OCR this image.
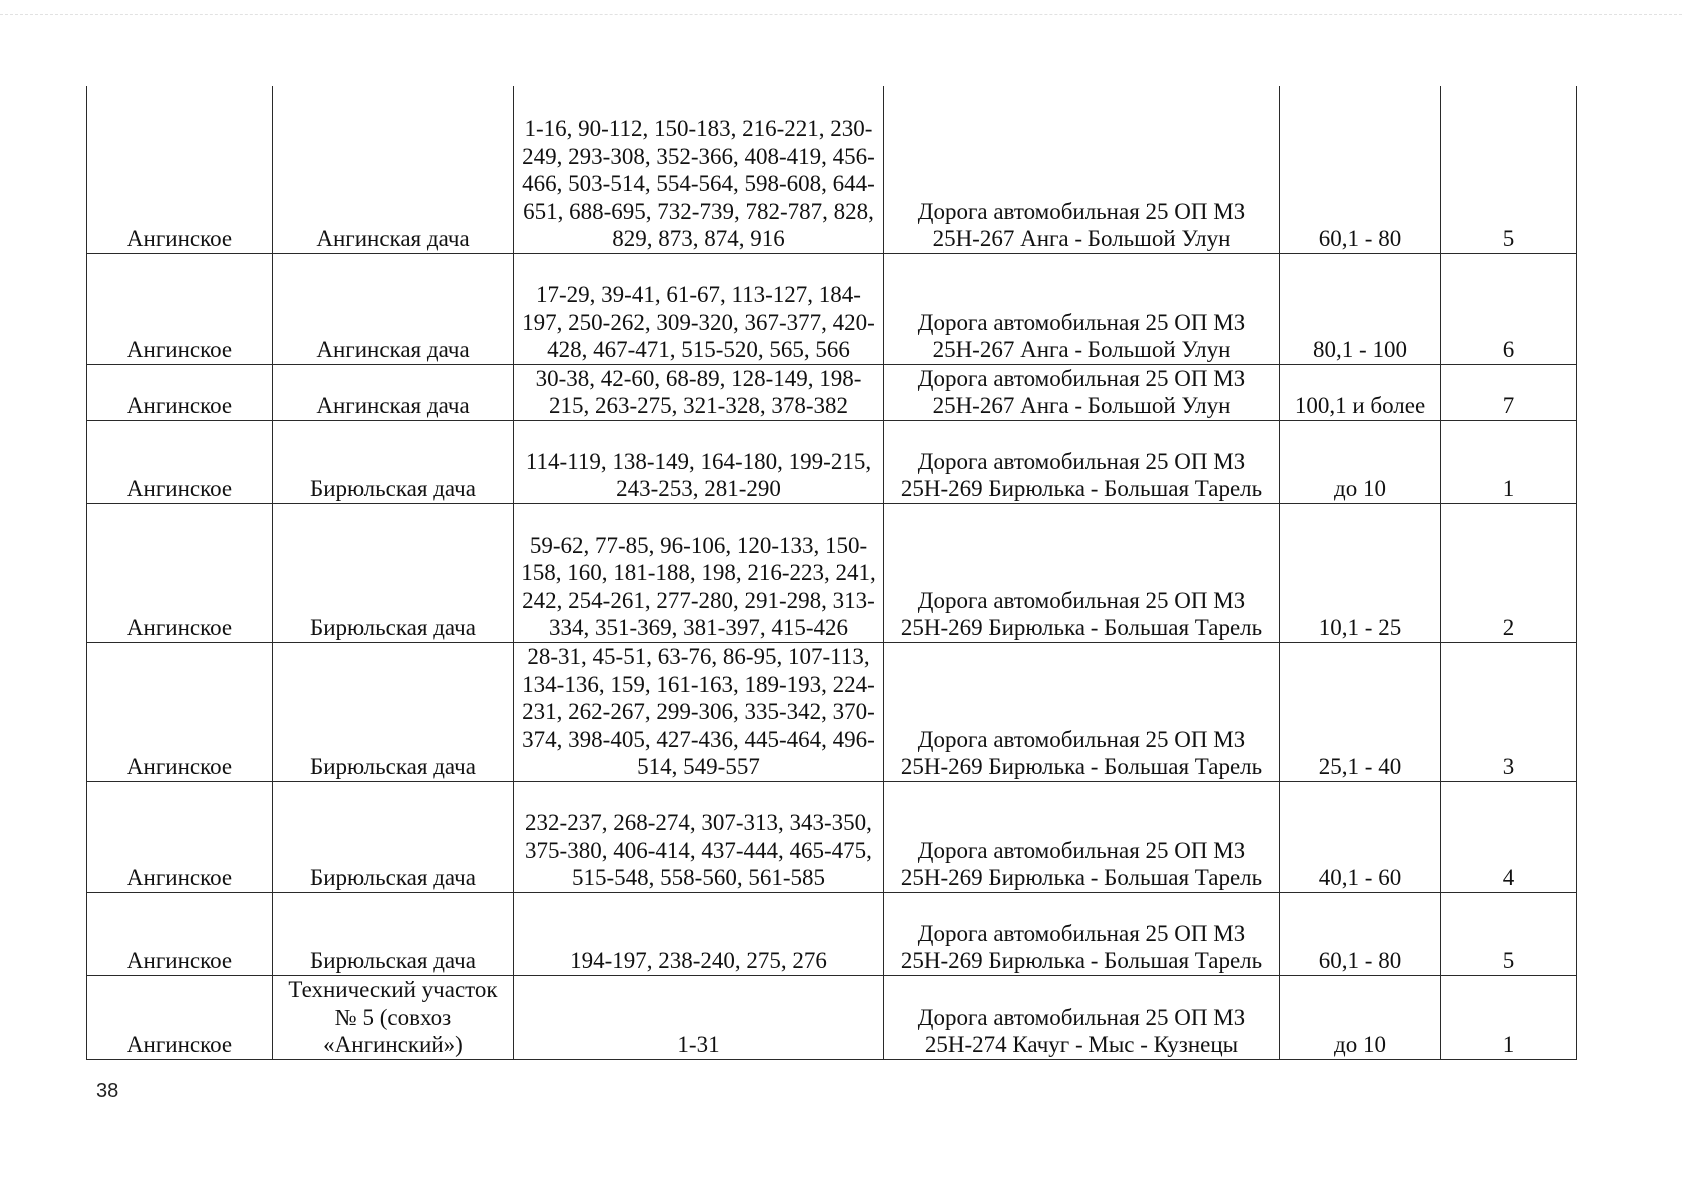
Ангинское	Ангинская дача	1-16, 90-112, 150-183, 216-221, 230-249, 293-308, 352-366, 408-419, 456-466, 503-514, 554-564, 598-608, 644-651, 688-695, 732-739, 782-787, 828, 829, 873, 874, 916	Дорога автомобильная 25 ОП МЗ 25Н-267 Анга - Большой Улун	60,1 - 80	5
Ангинское	Ангинская дача	17-29, 39-41, 61-67, 113-127, 184-197, 250-262, 309-320, 367-377, 420-428, 467-471, 515-520, 565, 566	Дорога автомобильная 25 ОП МЗ 25Н-267 Анга - Большой Улун	80,1 - 100	6
Ангинское	Ангинская дача	30-38, 42-60, 68-89, 128-149, 198-215, 263-275, 321-328, 378-382	Дорога автомобильная 25 ОП МЗ 25Н-267 Анга - Большой Улун	100,1 и более	7
Ангинское	Бирюльская дача	114-119, 138-149, 164-180, 199-215, 243-253, 281-290	Дорога автомобильная 25 ОП МЗ 25Н-269 Бирюлька - Большая Тарель	до 10	1
Ангинское	Бирюльская дача	59-62, 77-85, 96-106, 120-133, 150-158, 160, 181-188, 198, 216-223, 241, 242, 254-261, 277-280, 291-298, 313-334, 351-369, 381-397, 415-426	Дорога автомобильная 25 ОП МЗ 25Н-269 Бирюлька - Большая Тарель	10,1 - 25	2
Ангинское	Бирюльская дача	28-31, 45-51, 63-76, 86-95, 107-113, 134-136, 159, 161-163, 189-193, 224-231, 262-267, 299-306, 335-342, 370-374, 398-405, 427-436, 445-464, 496-514, 549-557	Дорога автомобильная 25 ОП МЗ 25Н-269 Бирюлька - Большая Тарель	25,1 - 40	3
Ангинское	Бирюльская дача	232-237, 268-274, 307-313, 343-350, 375-380, 406-414, 437-444, 465-475, 515-548, 558-560, 561-585	Дорога автомобильная 25 ОП МЗ 25Н-269 Бирюлька - Большая Тарель	40,1 - 60	4
Ангинское	Бирюльская дача	194-197, 238-240, 275, 276	Дорога автомобильная 25 ОП МЗ 25Н-269 Бирюлька - Большая Тарель	60,1 - 80	5
Ангинское	Технический участок № 5 (совхоз «Ангинский»)	1-31	Дорога автомобильная 25 ОП МЗ 25Н-274 Качуг - Мыс - Кузнецы	до 10	1
38
